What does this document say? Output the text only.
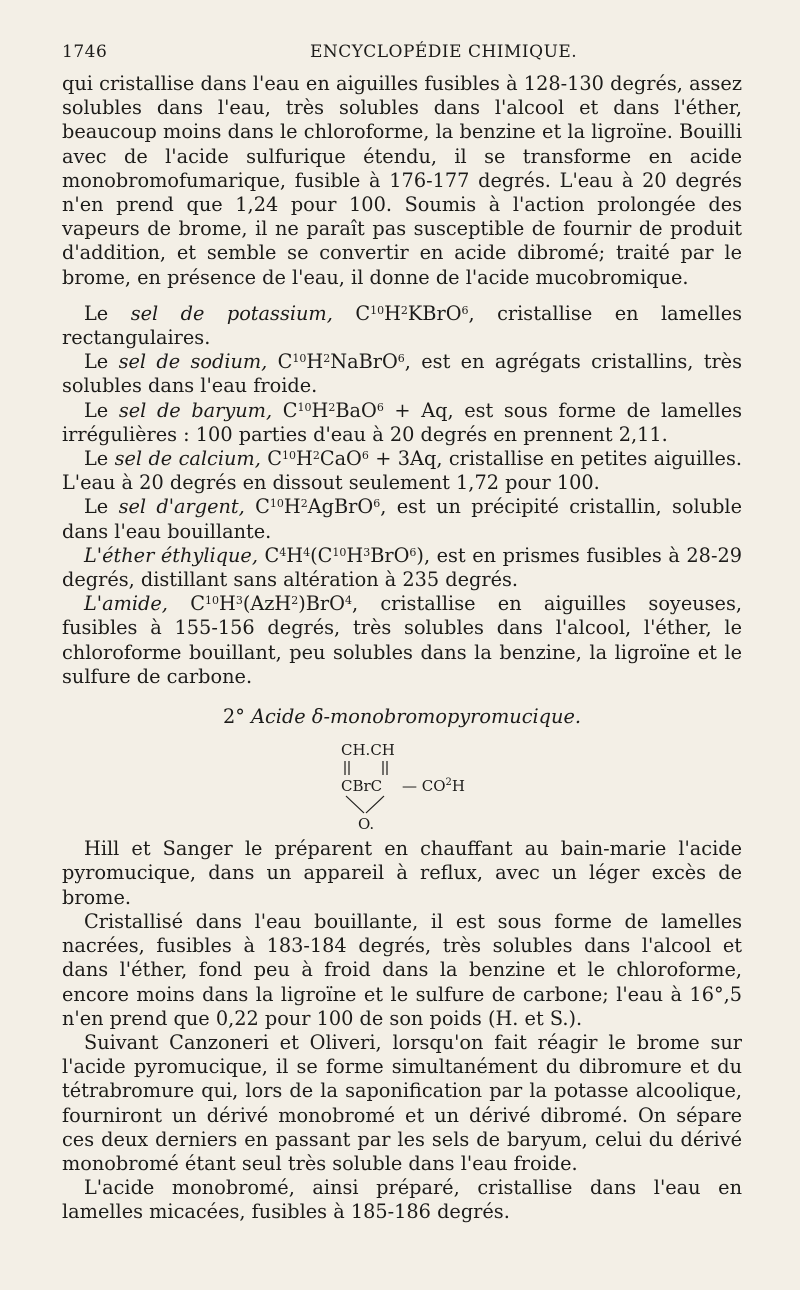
1746	ENCYCLOPÉDIE CHIMIQUE.

qui cristallise dans l'eau en aiguilles fusibles à 128-130 degrés, assez solubles dans l'eau, très solubles dans l'alcool et dans l'éther, beaucoup moins dans le chloroforme, la benzine et la ligroïne. Bouilli avec de l'acide sulfurique étendu, il se transforme en acide monobromofumarique, fusible à 176-177 degrés. L'eau à 20 degrés n'en prend que 1,24 pour 100. Soumis à l'action prolongée des vapeurs de brome, il ne paraît pas susceptible de fournir de produit d'addition, et semble se convertir en acide dibromé; traité par le brome, en présence de l'eau, il donne de l'acide mucobromique.

Le sel de potassium, $C^{10}H^2KBrO^6$, cristallise en lamelles rectangulaires.

Le sel de sodium, $C^{10}H^2NaBrO^6$, est en agrégats cristallins, très solubles dans l'eau froide.

Le sel de baryum, $C^{10}H^2BaO^6 + Aq$, est sous forme de lamelles irrégulières : 100 parties d'eau à 20 degrés en prennent 2,11.

Le sel de calcium, $C^{10}H^2CaO^6 + 3Aq$, cristallise en petites aiguilles. L'eau à 20 degrés en dissout seulement 1,72 pour 100.

Le sel d'argent, $C^{10}H^2AgBrO^6$, est un précipité cristallin, soluble dans l'eau bouillante.

L'éther éthylique, $C^4H^4(C^{10}H^3BrO^6)$, est en prismes fusibles à 28-29 degrés, distillant sans altération à 235 degrés.

L'amide, $C^{10}H^3(AzH^2)BrO^4$, cristallise en aiguilles soyeuses, fusibles à 155-156 degrés, très solubles dans l'alcool, l'éther, le chloroforme bouillant, peu solubles dans la benzine, la ligroïne et le sulfure de carbone.

2° Acide δ-monobromopyromucique.

CH.CH
CBrC — $CO^2H$
O.

Hill et Sanger le préparent en chauffant au bain-marie l'acide pyromucique, dans un appareil à reflux, avec un léger excès de brome.

Cristallisé dans l'eau bouillante, il est sous forme de lamelles nacrées, fusibles à 183-184 degrés, très solubles dans l'alcool et dans l'éther, fond peu à froid dans la benzine et le chloroforme, encore moins dans la ligroïne et le sulfure de carbone; l'eau à 16°,5 n'en prend que 0,22 pour 100 de son poids (H. et S.).

Suivant Canzoneri et Oliveri, lorsqu'on fait réagir le brome sur l'acide pyromucique, il se forme simultanément du dibromure et du tétrabromure qui, lors de la saponification par la potasse alcoolique, fourniront un dérivé monobromé et un dérivé dibromé. On sépare ces deux derniers en passant par les sels de baryum, celui du dérivé monobromé étant seul très soluble dans l'eau froide.

L'acide monobromé, ainsi préparé, cristallise dans l'eau en lamelles micacées, fusibles à 185-186 degrés.
